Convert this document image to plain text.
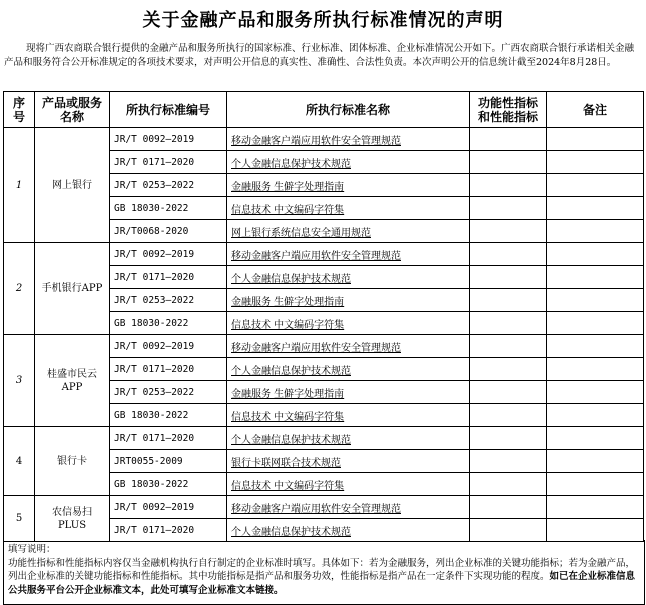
关于金融产品和服务所执行标准情况的声明
现将广西农商联合银行提供的金融产品和服务所执行的国家标准、行业标准、团体标准、企业标准情况公开如下。广西农商联合银行承诺相关金融产品和服务符合公开标准规定的各项技术要求，对声明公开信息的真实性、准确性、合法性负责。本次声明公开的信息统计截至2024年8月28日。
序号	产品或服务名称	所执行标准编号	所执行标准名称	功能性指标和性能指标	备注
1	网上银行	JR/T 0092—2019	移动金融客户端应用软件安全管理规范		
		JR/T 0171—2020	个人金融信息保护技术规范		
		JR/T 0253—2022	金融服务 生僻字处理指南		
		GB 18030-2022	信息技术 中文编码字符集		
		JR/T0068-2020	网上银行系统信息安全通用规范		
2	手机银行APP	JR/T 0092—2019	移动金融客户端应用软件安全管理规范		
		JR/T 0171—2020	个人金融信息保护技术规范		
		JR/T 0253—2022	金融服务 生僻字处理指南		
		GB 18030-2022	信息技术 中文编码字符集		
3	桂盛市民云APP	JR/T 0092—2019	移动金融客户端应用软件安全管理规范		
		JR/T 0171—2020	个人金融信息保护技术规范		
		JR/T 0253—2022	金融服务 生僻字处理指南		
		GB 18030-2022	信息技术 中文编码字符集		
4	银行卡	JR/T 0171—2020	个人金融信息保护技术规范		
		JRT0055-2009	银行卡联网联合技术规范		
		GB 18030-2022	信息技术 中文编码字符集		
5	农信易扫PLUS	JR/T 0092—2019	移动金融客户端应用软件安全管理规范		
		JR/T 0171—2020	个人金融信息保护技术规范		
填写说明：
功能性指标和性能指标内容仅当金融机构执行自行制定的企业标准时填写。具体如下：若为金融服务，列出企业标准的关键功能指标；若为金融产品，列出企业标准的关键功能指标和性能指标。其中功能指标是指产品和服务功效，性能指标是指产品在一定条件下实现功能的程度。如已在企业标准信息公共服务平台公开企业标准文本，此处可填写企业标准文本链接。
